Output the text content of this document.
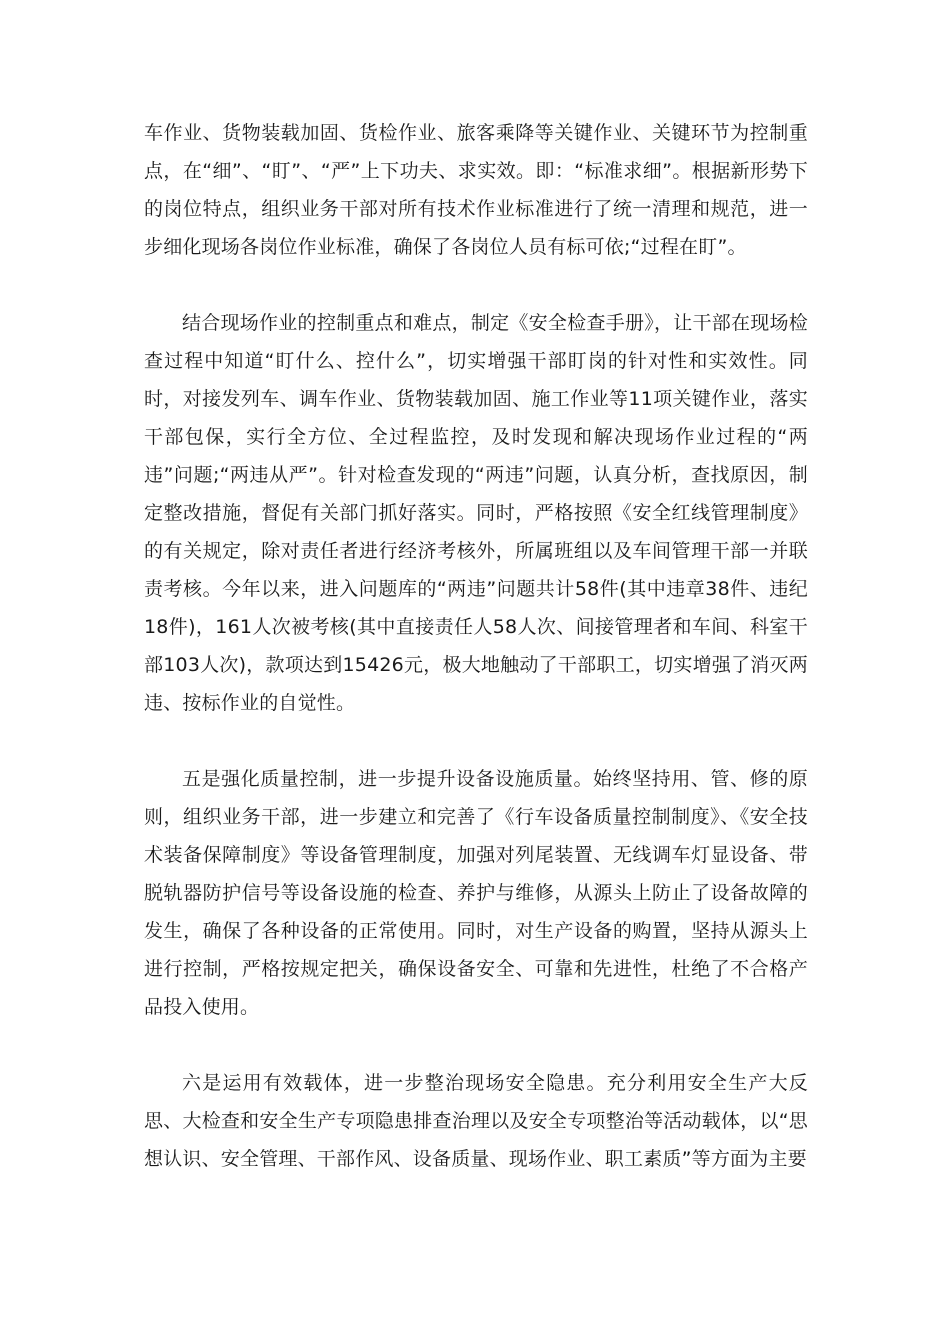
车作业、货物装载加固、货检作业、旅客乘降等关键作业、关键环节为控制重点，在“细”、“盯”、“严”上下功夫、求实效。即：“标准求细”。根据新形势下的岗位特点，组织业务干部对所有技术作业标准进行了统一清理和规范，进一步细化现场各岗位作业标准，确保了各岗位人员有标可依;“过程在盯”。

结合现场作业的控制重点和难点，制定《安全检查手册》，让干部在现场检查过程中知道“盯什么、控什么”，切实增强干部盯岗的针对性和实效性。同时，对接发列车、调车作业、货物装载加固、施工作业等11项关键作业，落实干部包保，实行全方位、全过程监控，及时发现和解决现场作业过程的“两违”问题;“两违从严”。针对检查发现的“两违”问题，认真分析，查找原因，制定整改措施，督促有关部门抓好落实。同时，严格按照《安全红线管理制度》的有关规定，除对责任者进行经济考核外，所属班组以及车间管理干部一并联责考核。今年以来，进入问题库的“两违”问题共计58件(其中违章38件、违纪18件)，161人次被考核(其中直接责任人58人次、间接管理者和车间、科室干部103人次)，款项达到15426元，极大地触动了干部职工，切实增强了消灭两违、按标作业的自觉性。

五是强化质量控制，进一步提升设备设施质量。始终坚持用、管、修的原则，组织业务干部，进一步建立和完善了《行车设备质量控制制度》、《安全技术装备保障制度》等设备管理制度，加强对列尾装置、无线调车灯显设备、带脱轨器防护信号等设备设施的检查、养护与维修，从源头上防止了设备故障的发生，确保了各种设备的正常使用。同时，对生产设备的购置，坚持从源头上进行控制，严格按规定把关，确保设备安全、可靠和先进性，杜绝了不合格产品投入使用。

六是运用有效载体，进一步整治现场安全隐患。充分利用安全生产大反思、大检查和安全生产专项隐患排查治理以及安全专项整治等活动载体，以“思想认识、安全管理、干部作风、设备质量、现场作业、职工素质”等方面为主要
